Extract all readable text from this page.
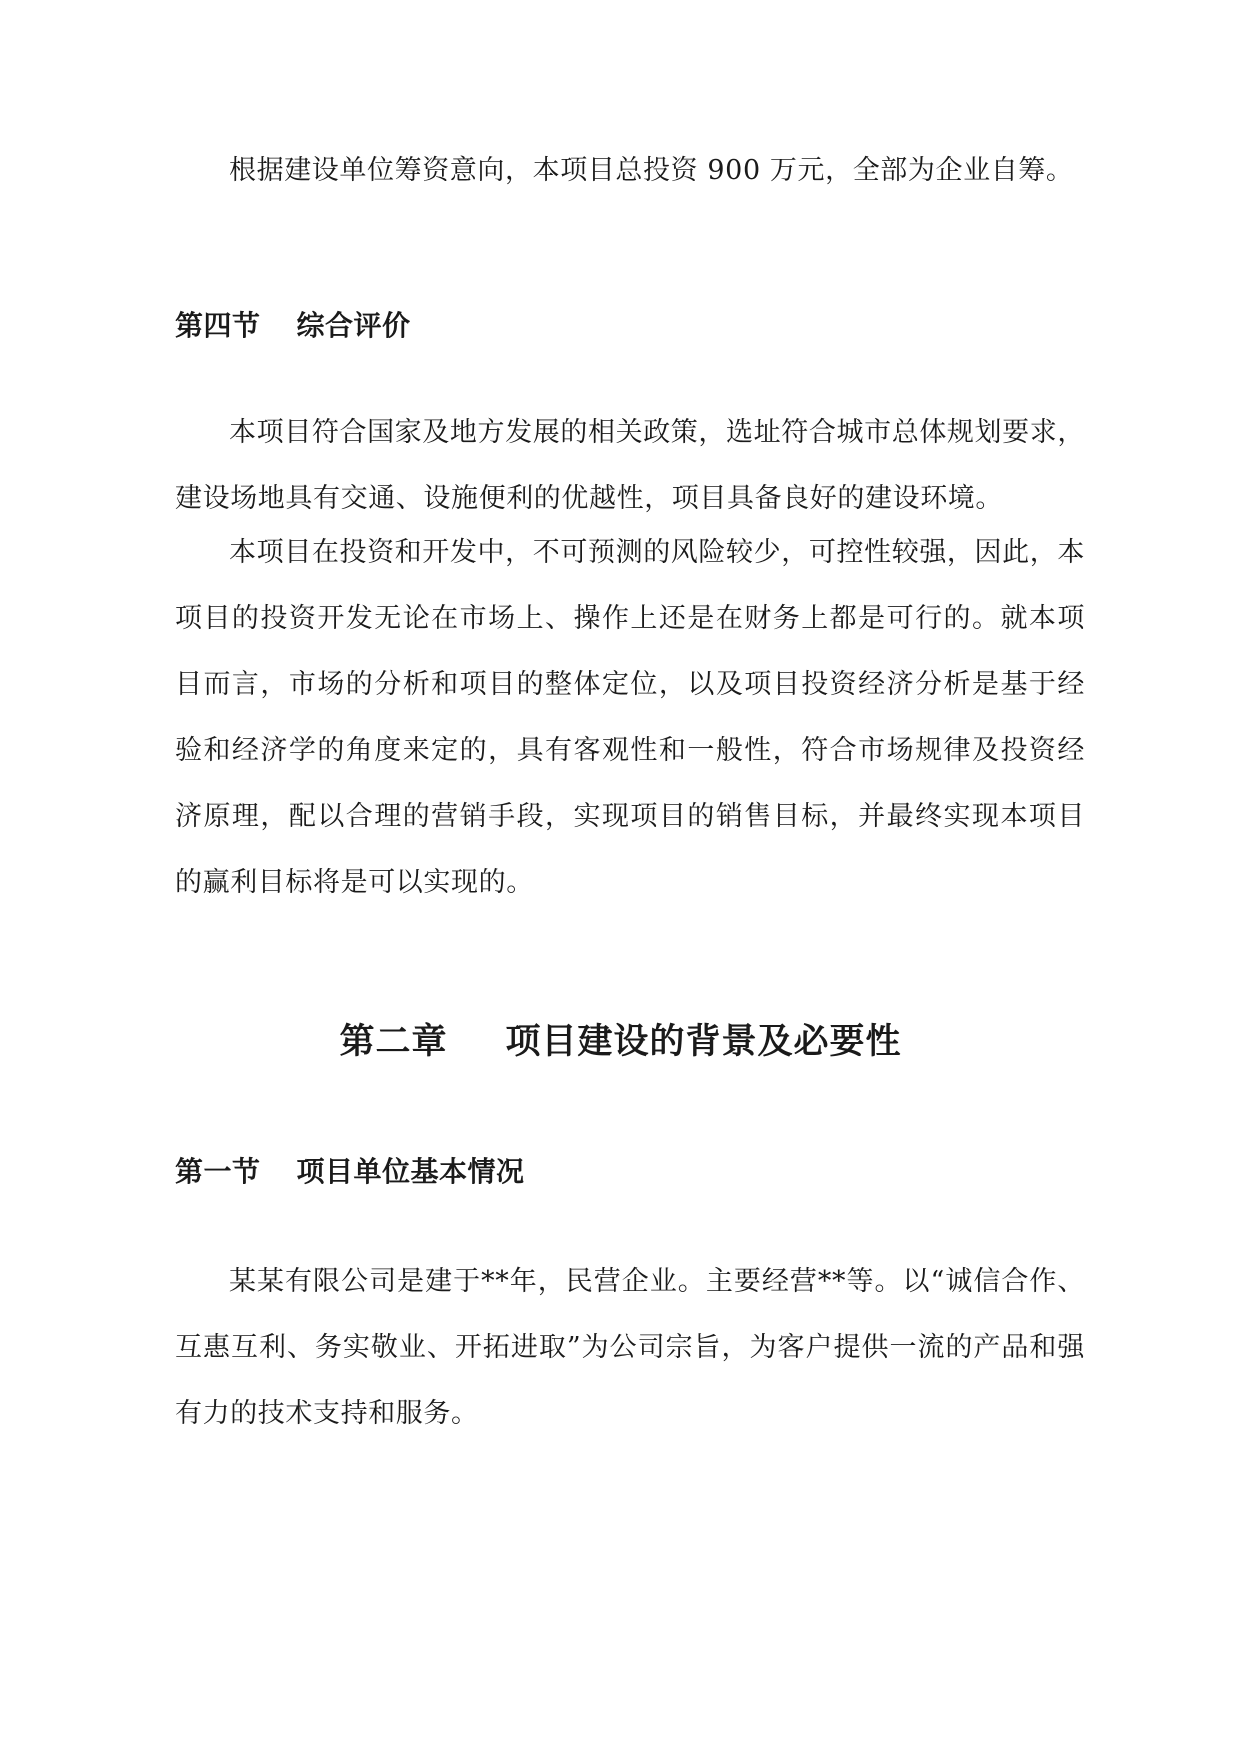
根据建设单位筹资意向，本项目总投资 900 万元，全部为企业自筹。

第四节 综合评价

本项目符合国家及地方发展的相关政策，选址符合城市总体规划要求，建设场地具有交通、设施便利的优越性，项目具备良好的建设环境。

本项目在投资和开发中，不可预测的风险较少，可控性较强，因此，本项目的投资开发无论在市场上、操作上还是在财务上都是可行的。就本项目而言，市场的分析和项目的整体定位，以及项目投资经济分析是基于经验和经济学的角度来定的，具有客观性和一般性，符合市场规律及投资经济原理，配以合理的营销手段，实现项目的销售目标，并最终实现本项目的赢利目标将是可以实现的。

第二章 项目建设的背景及必要性
第一节 项目单位基本情况

某某有限公司是建于**年，民营企业。主要经营**等。以“诚信合作、互惠互利、务实敬业、开拓进取”为公司宗旨，为客户提供一流的产品和强有力的技术支持和服务。
